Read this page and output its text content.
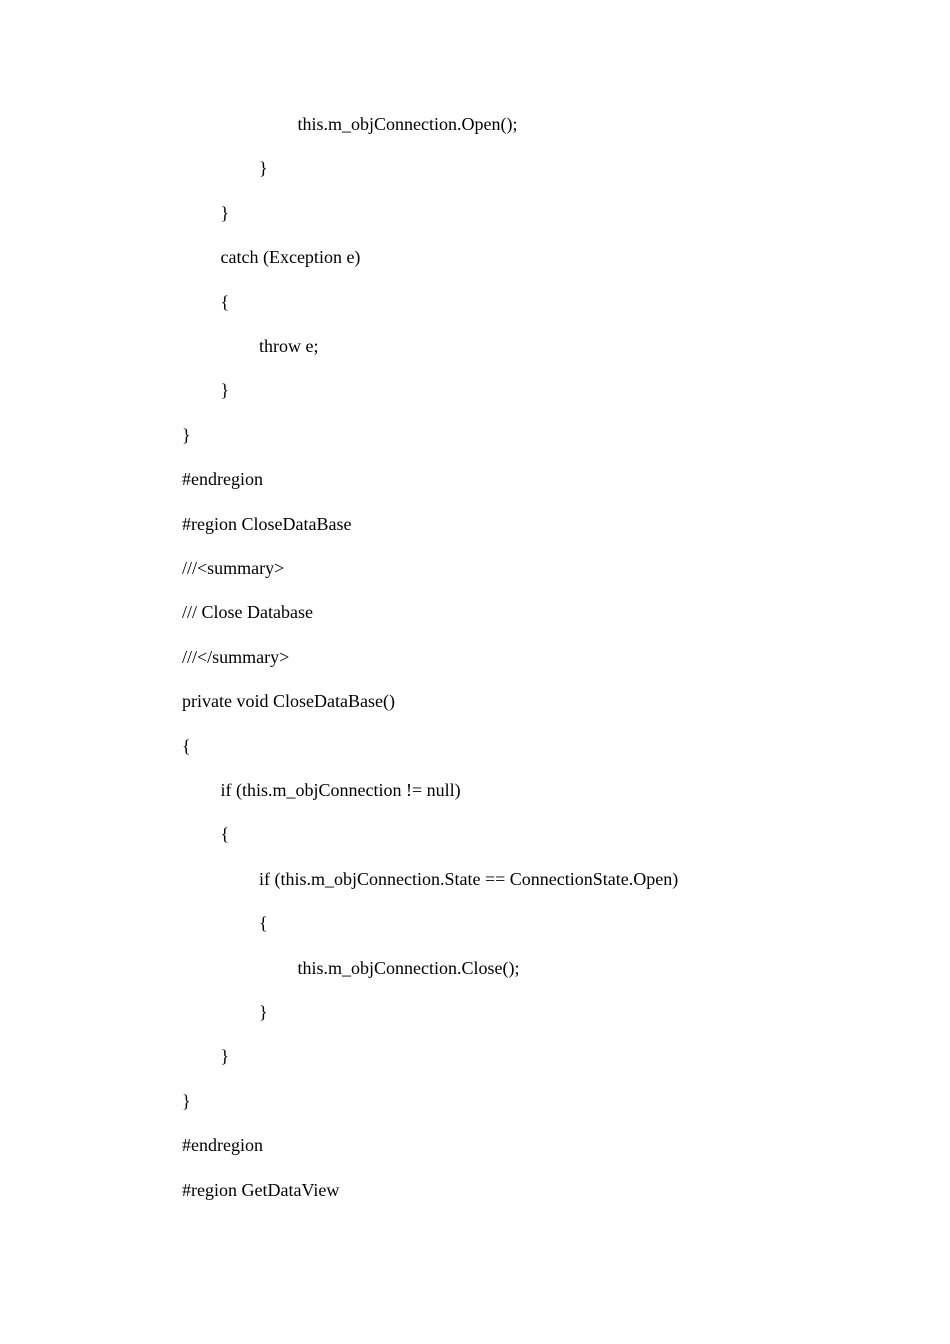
this.m_objConnection.Open();
}
}
catch (Exception e)
{
throw e;
}
}
#endregion
#region CloseDataBase
///<summary>
/// Close Database
///</summary>
private void CloseDataBase()
{
if (this.m_objConnection != null)
{
if (this.m_objConnection.State == ConnectionState.Open)
{
this.m_objConnection.Close();
}
}
}
#endregion
#region GetDataView
